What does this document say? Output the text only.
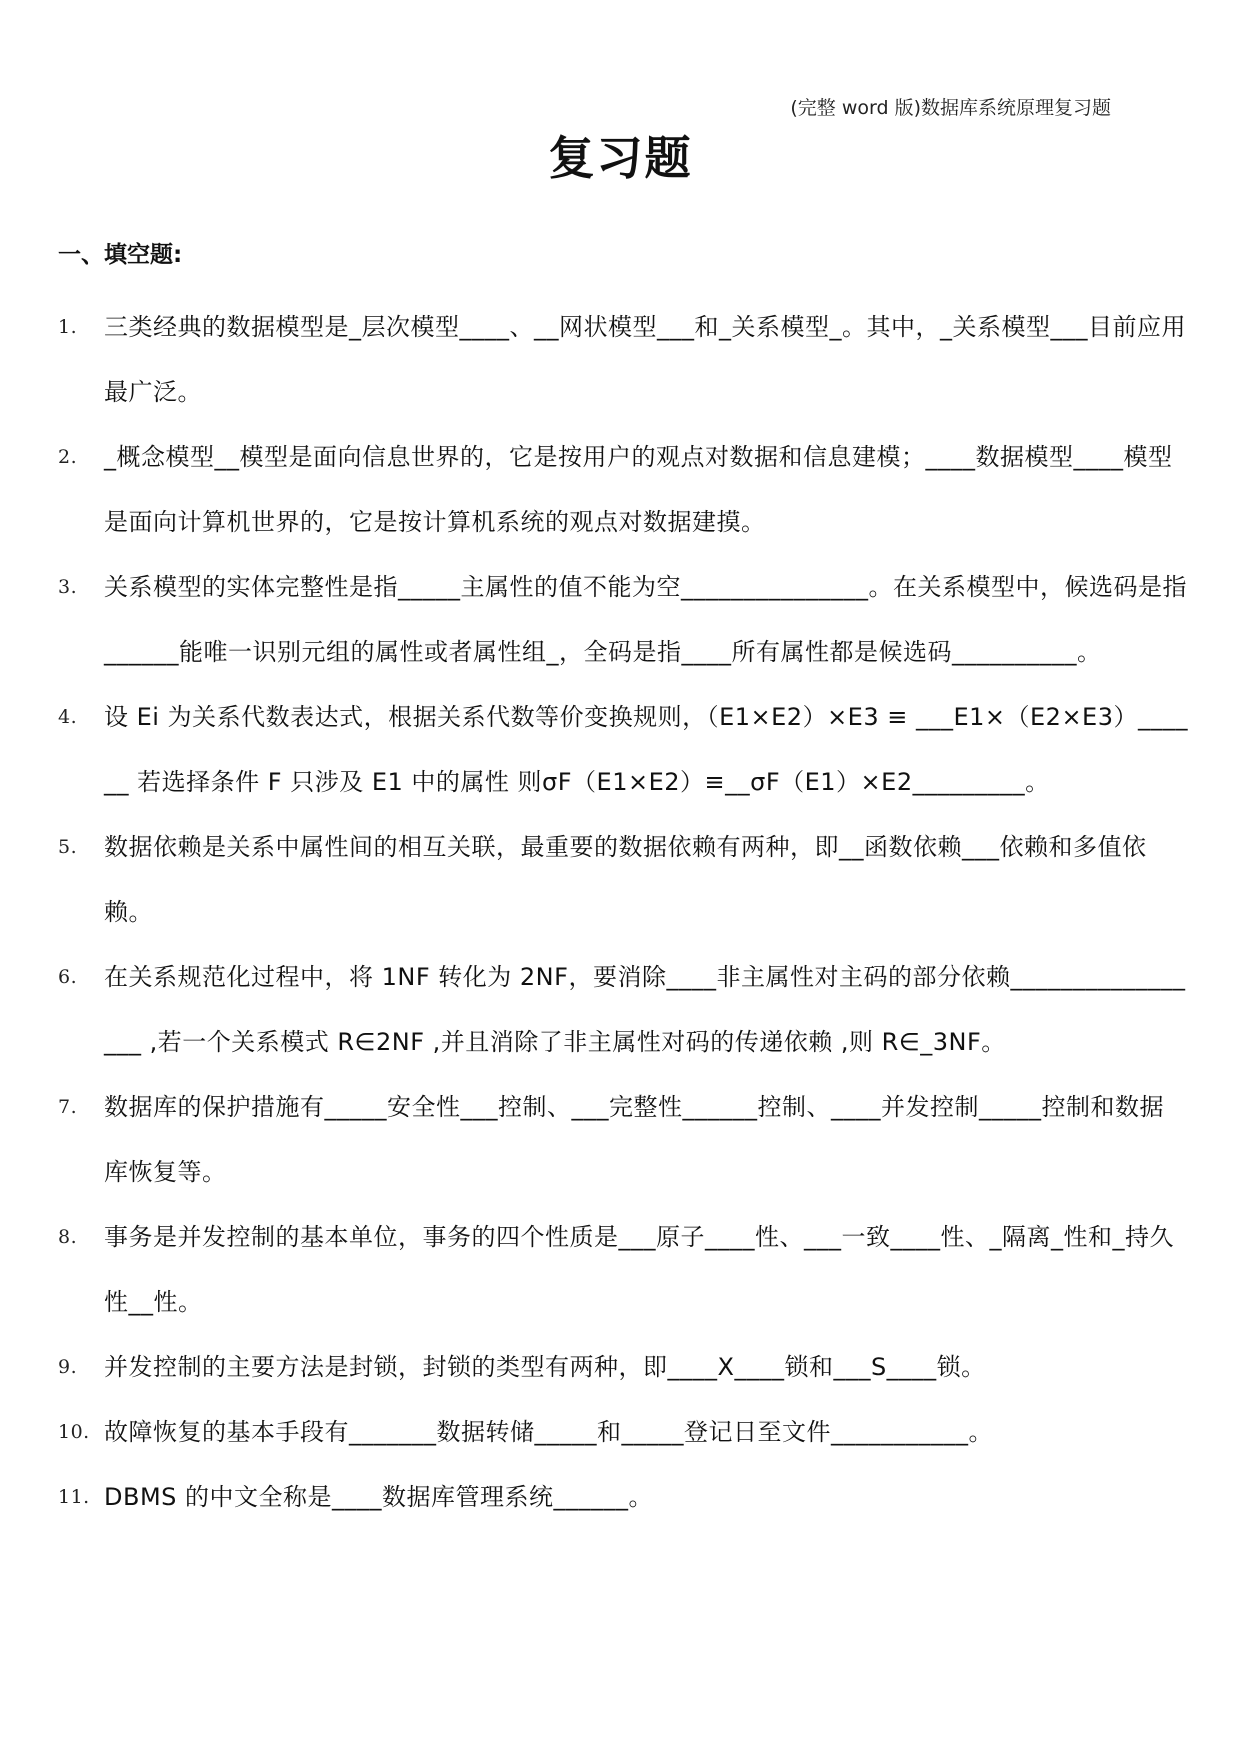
(完整 word 版)数据库系统原理复习题
复习题
一、填空题:
1. 三类经典的数据模型是_层次模型____、__网状模型___和_关系模型_。其中，_关系模型___目前应用最广泛。
2. _概念模型__模型是面向信息世界的，它是按用户的观点对数据和信息建模；____数据模型____模型是面向计算机世界的，它是按计算机系统的观点对数据建摸。
3. 关系模型的实体完整性是指_____主属性的值不能为空_______________。在关系模型中，候选码是指______能唯一识别元组的属性或者属性组_，全码是指____所有属性都是候选码__________。
4. 设 Ei 为关系代数表达式，根据关系代数等价变换规则，（E1×E2）×E3 ≡ ___E1×（E2×E3）______ 若选择条件 F 只涉及 E1 中的属性 则σF（E1×E2）≡__σF（E1）×E2_________。
5. 数据依赖是关系中属性间的相互关联，最重要的数据依赖有两种，即__函数依赖___依赖和多值依赖。
6. 在关系规范化过程中，将 1NF 转化为 2NF，要消除____非主属性对主码的部分依赖_________________ ,若一个关系模式 R∈2NF ,并且消除了非主属性对码的传递依赖 ,则 R∈_3NF。
7. 数据库的保护措施有_____安全性___控制、___完整性______控制、____并发控制_____控制和数据库恢复等。
8. 事务是并发控制的基本单位，事务的四个性质是___原子____性、___一致____性、_隔离_性和_持久性__性。
9. 并发控制的主要方法是封锁，封锁的类型有两种，即____X____锁和___S____锁。
10. 故障恢复的基本手段有_______数据转储_____和_____登记日至文件___________。
11. DBMS 的中文全称是____数据库管理系统______。
